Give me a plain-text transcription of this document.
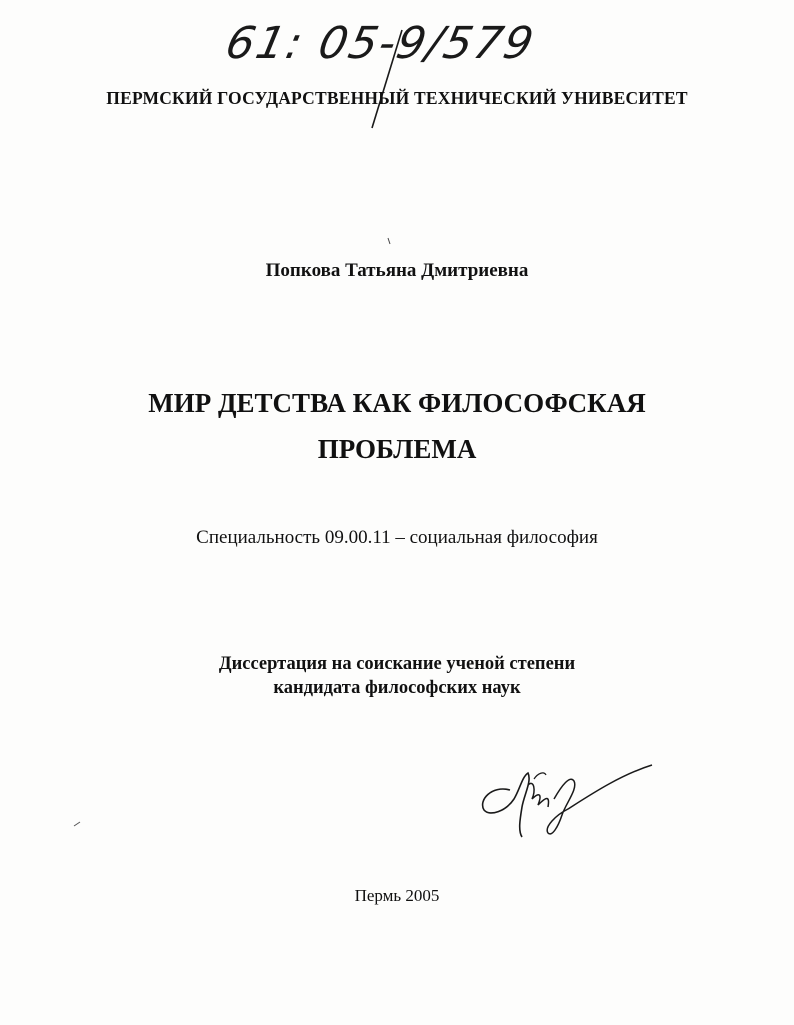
61: 05-9/579
ПЕРМСКИЙ ГОСУДАРСТВЕННЫЙ ТЕХНИЧЕСКИЙ УНИВЕСИТЕТ
Попкова Татьяна Дмитриевна
МИР ДЕТСТВА КАК ФИЛОСОФСКАЯ
ПРОБЛЕМА
Специальность 09.00.11 – социальная философия
Диссертация на соискание ученой степени
кандидата философских наук
Пермь 2005
